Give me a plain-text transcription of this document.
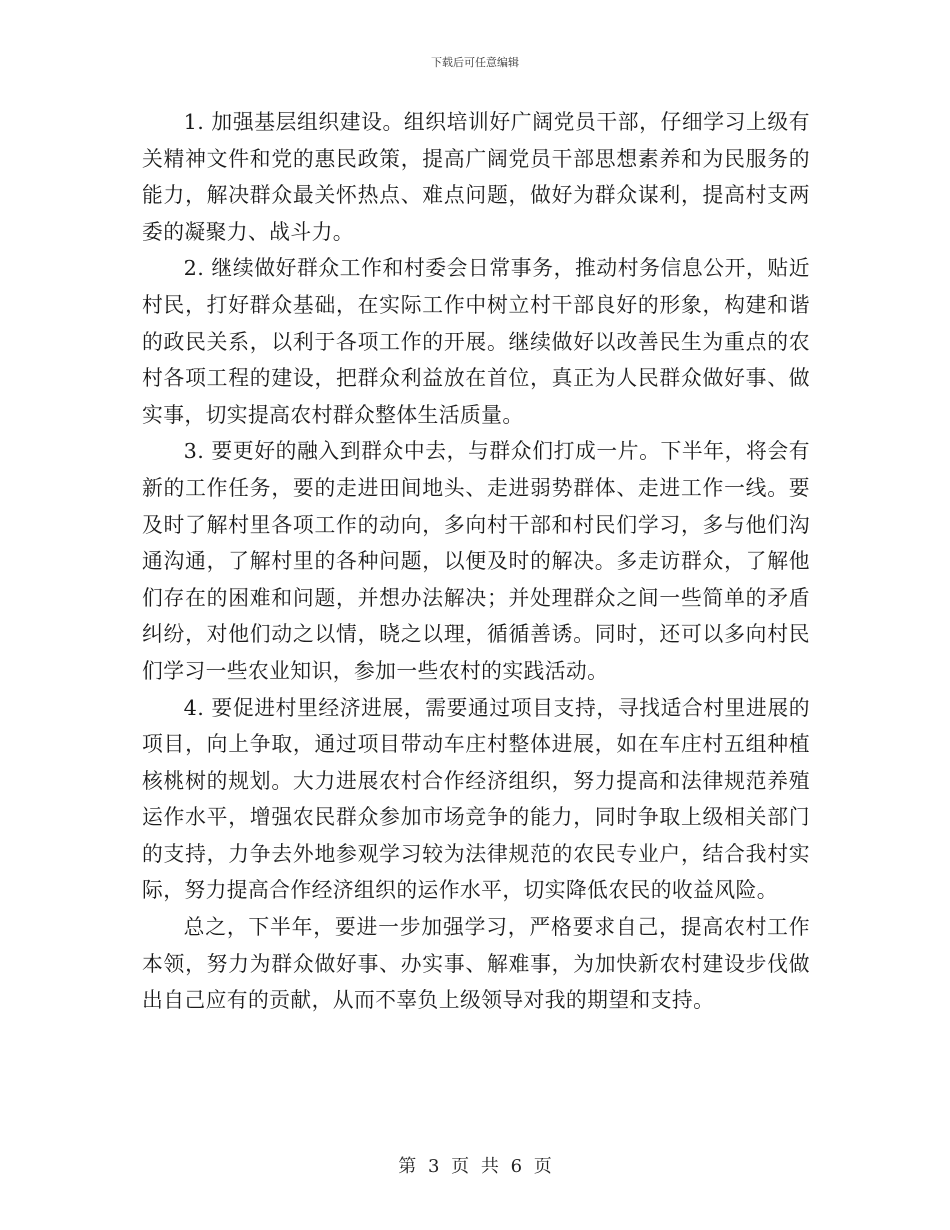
下载后可任意编辑

1. 加强基层组织建设。组织培训好广阔党员干部，仔细学习上级有关精神文件和党的惠民政策，提高广阔党员干部思想素养和为民服务的能力，解决群众最关怀热点、难点问题，做好为群众谋利，提高村支两委的凝聚力、战斗力。

2. 继续做好群众工作和村委会日常事务，推动村务信息公开，贴近村民，打好群众基础，在实际工作中树立村干部良好的形象，构建和谐的政民关系，以利于各项工作的开展。继续做好以改善民生为重点的农村各项工程的建设，把群众利益放在首位，真正为人民群众做好事、做实事，切实提高农村群众整体生活质量。

3. 要更好的融入到群众中去，与群众们打成一片。下半年，将会有新的工作任务，要的走进田间地头、走进弱势群体、走进工作一线。要及时了解村里各项工作的动向，多向村干部和村民们学习，多与他们沟通沟通，了解村里的各种问题，以便及时的解决。多走访群众，了解他们存在的困难和问题，并想办法解决；并处理群众之间一些简单的矛盾纠纷，对他们动之以情，晓之以理，循循善诱。同时，还可以多向村民们学习一些农业知识，参加一些农村的实践活动。

4. 要促进村里经济进展，需要通过项目支持，寻找适合村里进展的项目，向上争取，通过项目带动车庄村整体进展，如在车庄村五组种植核桃树的规划。大力进展农村合作经济组织，努力提高和法律规范养殖运作水平，增强农民群众参加市场竞争的能力，同时争取上级相关部门的支持，力争去外地参观学习较为法律规范的农民专业户，结合我村实际，努力提高合作经济组织的运作水平，切实降低农民的收益风险。

总之，下半年，要进一步加强学习，严格要求自己，提高农村工作本领，努力为群众做好事、办实事、解难事，为加快新农村建设步伐做出自己应有的贡献，从而不辜负上级领导对我的期望和支持。

第 3 页 共 6 页
